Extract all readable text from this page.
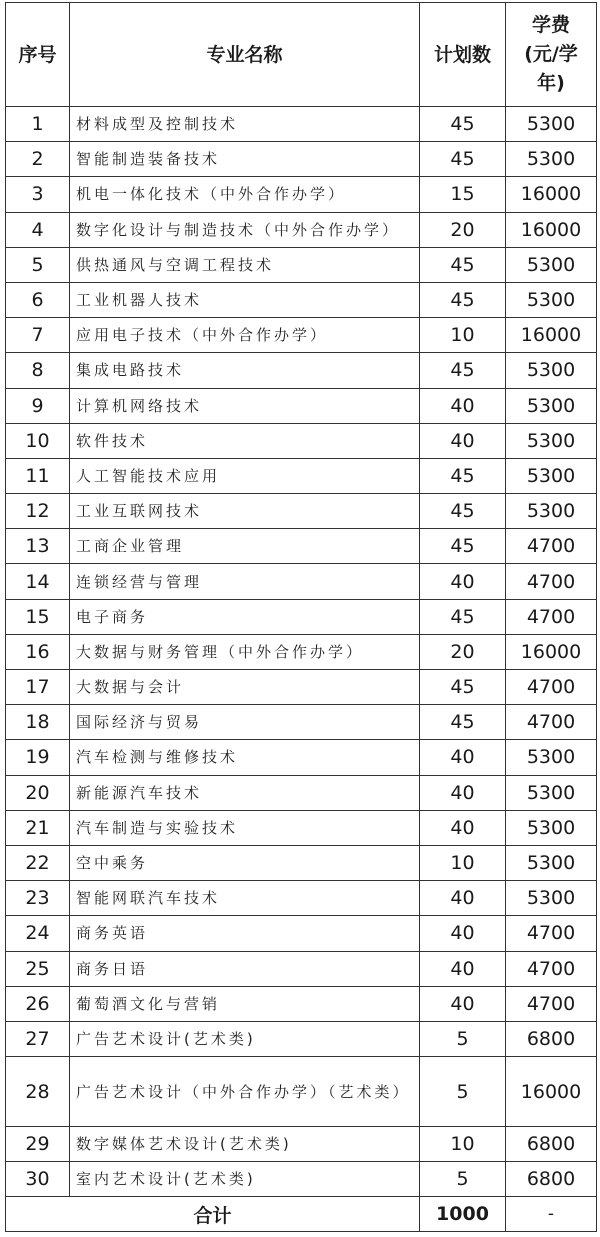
序号	专业名称	计划数	学费
(元/学
年)

1	材料成型及控制技术	45	5300
2	智能制造装备技术	45	5300
3	机电一体化技术（中外合作办学）	15	16000
4	数字化设计与制造技术（中外合作办学）	20	16000
5	供热通风与空调工程技术	45	5300
6	工业机器人技术	45	5300
7	应用电子技术（中外合作办学）	10	16000
8	集成电路技术	45	5300
9	计算机网络技术	40	5300
10	软件技术	40	5300
11	人工智能技术应用	45	5300
12	工业互联网技术	45	5300
13	工商企业管理	45	4700
14	连锁经营与管理	40	4700
15	电子商务	45	4700
16	大数据与财务管理（中外合作办学）	20	16000
17	大数据与会计	45	4700
18	国际经济与贸易	45	4700
19	汽车检测与维修技术	40	5300
20	新能源汽车技术	40	5300
21	汽车制造与实验技术	40	5300
22	空中乘务	10	5300
23	智能网联汽车技术	40	5300
24	商务英语	40	4700
25	商务日语	40	4700
26	葡萄酒文化与营销	40	4700
27	广告艺术设计(艺术类)	5	6800
28	广告艺术设计（中外合作办学）（艺术类）	5	16000
29	数字媒体艺术设计(艺术类)	10	6800
30	室内艺术设计(艺术类)	5	6800
合计		1000	-
